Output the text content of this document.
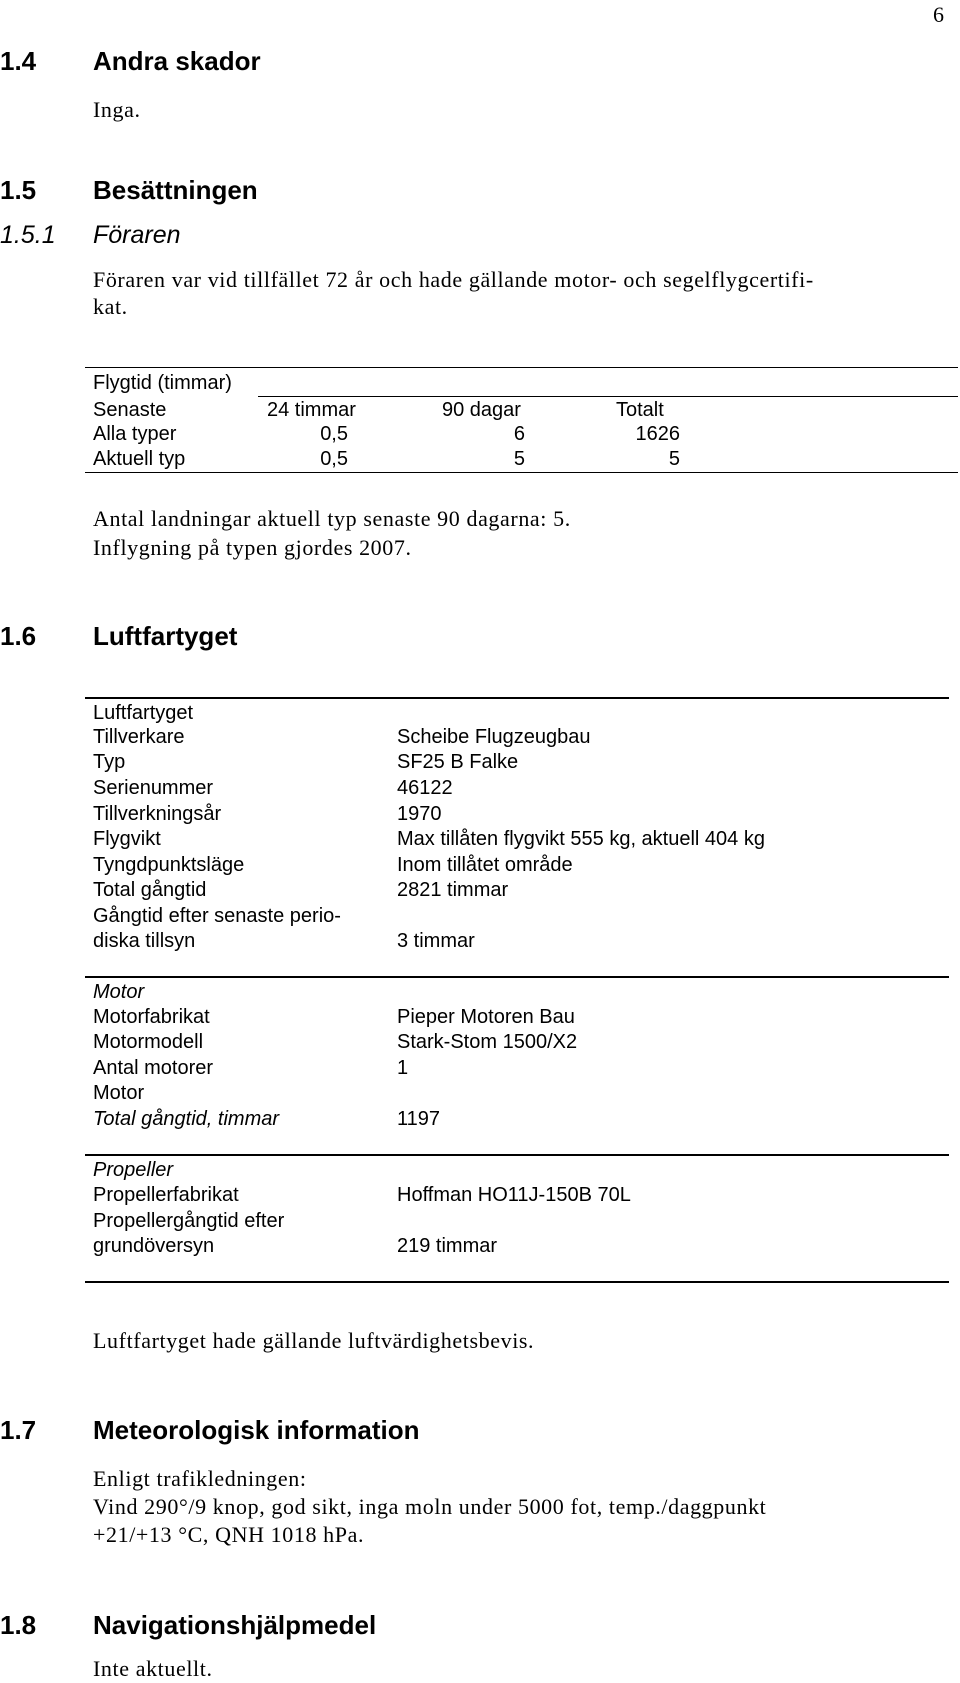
6
1.4 Andra skador
Inga.
1.5 Besättningen
1.5.1 Föraren
Föraren var vid tillfället 72 år och hade gällande motor- och segelflygcertifi-
kat.
Flygtid (timmar)
Senaste	24 timmar	90 dagar	Totalt
Alla typer	0,5	6	1626
Aktuell typ	0,5	5	5
Antal landningar aktuell typ senaste 90 dagarna: 5.
Inflygning på typen gjordes 2007.
1.6 Luftfartyget
Luftfartyget
Tillverkare	Scheibe Flugzeugbau
Typ	SF25 B Falke
Serienummer	46122
Tillverkningsår	1970
Flygvikt	Max tillåten flygvikt 555 kg, aktuell 404 kg
Tyngdpunktsläge	Inom tillåtet område
Total gångtid	2821 timmar
Gångtid efter senaste perio-
diska tillsyn	3 timmar
Motor
Motorfabrikat	Pieper Motoren Bau
Motormodell	Stark-Stom 1500/X2
Antal motorer	1
Motor
Total gångtid, timmar	1197
Propeller
Propellerfabrikat	Hoffman HO11J-150B 70L
Propellergångtid efter
grundöversyn	219 timmar
Luftfartyget hade gällande luftvärdighetsbevis.
1.7 Meteorologisk information
Enligt trafikledningen:
Vind 290°/9 knop, god sikt, inga moln under 5000 fot, temp./daggpunkt
+21/+13 °C, QNH 1018 hPa.
1.8 Navigationshjälpmedel
Inte aktuellt.
